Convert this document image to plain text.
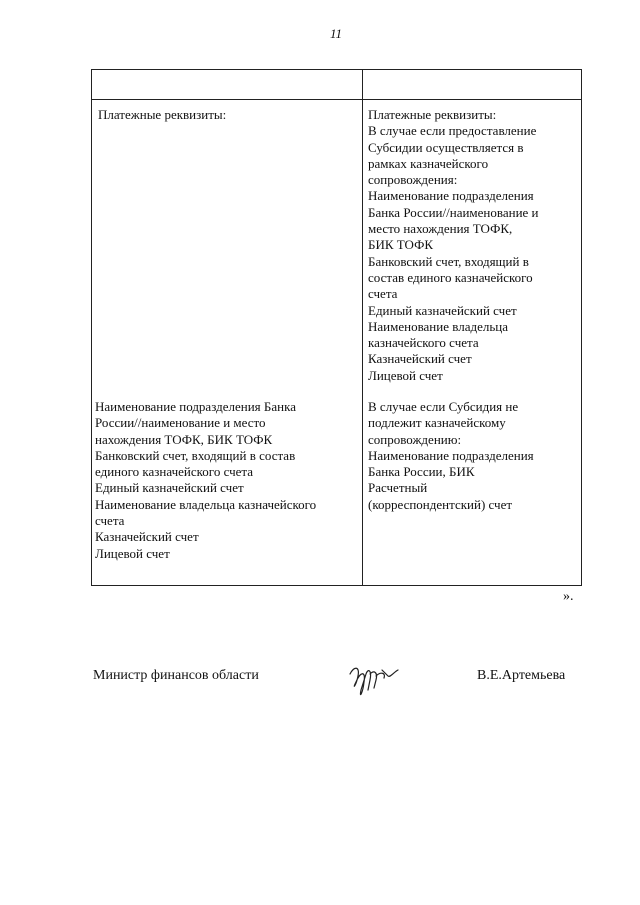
11
Платежные реквизиты:
Наименование подразделения Банка
России//наименование и место
нахождения ТОФК, БИК ТОФК
Банковский счет, входящий в состав
единого казначейского счета
Единый казначейский счет
Наименование владельца казначейского
счета
Казначейский счет
Лицевой счет
Платежные реквизиты:
В случае если предоставление
Субсидии осуществляется в
рамках казначейского
сопровождения:
Наименование подразделения
Банка России//наименование и
место нахождения ТОФК,
БИК ТОФК
Банковский счет, входящий в
состав единого казначейского
счета
Единый казначейский счет
Наименование владельца
казначейского счета
Казначейский счет
Лицевой счет
В случае если Субсидия не
подлежит казначейскому
сопровождению:
Наименование подразделения
Банка России, БИК
Расчетный
(корреспондентский) счет
».
Министр финансов области	В.Е.Артемьева
